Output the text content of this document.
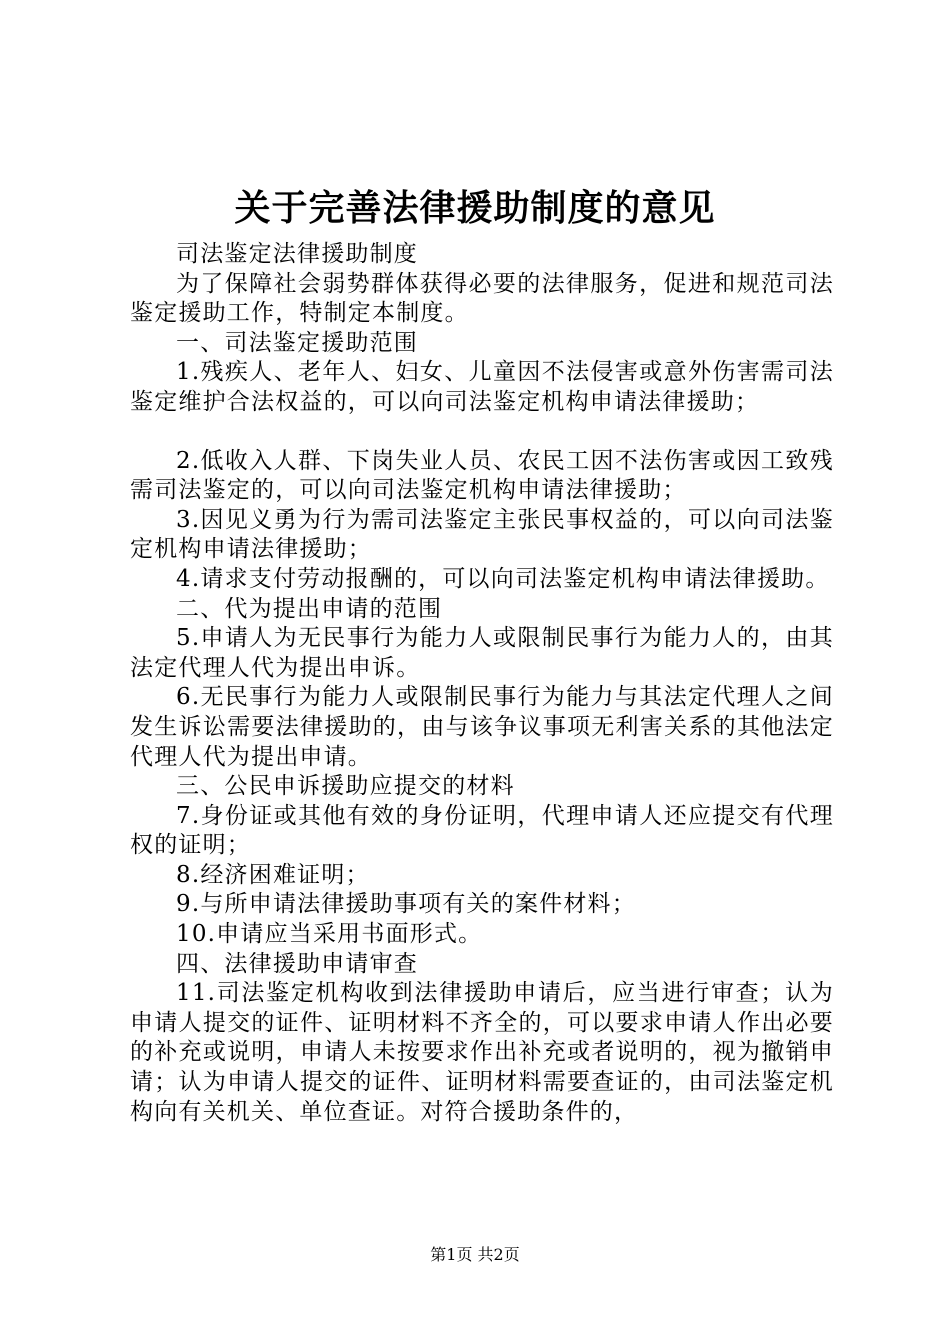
关于完善法律援助制度的意见

司法鉴定法律援助制度

为了保障社会弱势群体获得必要的法律服务，促进和规范司法鉴定援助工作，特制定本制度。

一、司法鉴定援助范围

1.残疾人、老年人、妇女、儿童因不法侵害或意外伤害需司法鉴定维护合法权益的，可以向司法鉴定机构申请法律援助；

2.低收入人群、下岗失业人员、农民工因不法伤害或因工致残需司法鉴定的，可以向司法鉴定机构申请法律援助；

3.因见义勇为行为需司法鉴定主张民事权益的，可以向司法鉴定机构申请法律援助；

4.请求支付劳动报酬的，可以向司法鉴定机构申请法律援助。

二、代为提出申请的范围

5.申请人为无民事行为能力人或限制民事行为能力人的，由其法定代理人代为提出申诉。

6.无民事行为能力人或限制民事行为能力与其法定代理人之间发生诉讼需要法律援助的，由与该争议事项无利害关系的其他法定代理人代为提出申请。

三、公民申诉援助应提交的材料

7.身份证或其他有效的身份证明，代理申请人还应提交有代理权的证明；

8.经济困难证明；

9.与所申请法律援助事项有关的案件材料；

10.申请应当采用书面形式。

四、法律援助申请审查

11.司法鉴定机构收到法律援助申请后，应当进行审查；认为申请人提交的证件、证明材料不齐全的，可以要求申请人作出必要的补充或说明，申请人未按要求作出补充或者说明的，视为撤销申请；认为申请人提交的证件、证明材料需要查证的，由司法鉴定机构向有关机关、单位查证。对符合援助条件的，

第1页 共2页
